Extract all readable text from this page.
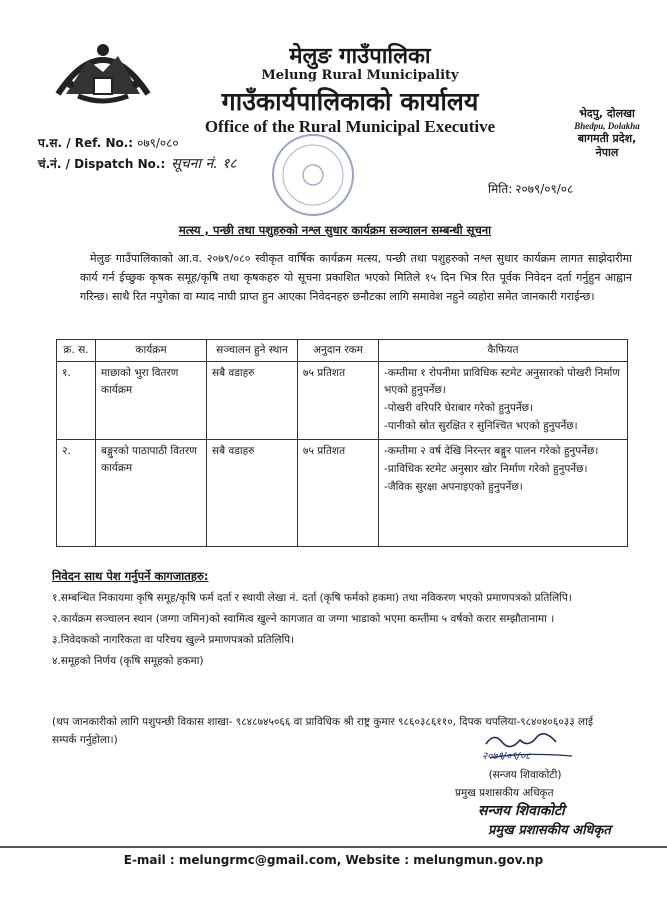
मेलुङ गाउँपालिका
Melung Rural Municipality
गाउँकार्यपालिकाको कार्यालय
Office of the Rural Municipal Executive
भेदपु, दोलखा
Bhedpu, Dolakha
बागमती प्रदेश,
नेपाल
प.स. / Ref. No.: ०७९/०८०
चं.नं. / Dispatch No.: सूचना नं. १८
मिति: २०७९/०९/०८
मत्स्य , पन्छी तथा पशुहरुको नश्ल सुधार कार्यक्रम सञ्चालन सम्बन्धी सूचना

मेलुङ गाउँपालिकाको आ.व. २०७९/०८० स्वीकृत वार्षिक कार्यक्रम मत्स्य, पन्छी तथा पशुहरुको नश्ल सुधार कार्यक्रम लागत साझेदारीमा कार्य गर्न ईच्छुक कृषक समूह/कृषि तथा कृषकहरु यो सूचना प्रकाशित भएको मितिले १५ दिन भित्र रित पूर्वक निवेदन दर्ता गर्नुहुन आह्वान गरिन्छ। साथै रित नपुगेका वा म्याद नाघी प्राप्त हुन आएका निवेदनहरु छनौटका लागि समावेश नहुने व्यहोरा समेत जानकारी गराईन्छ।

क्र. स.	कार्यक्रम	सञ्चालन हुने स्थान	अनुदान रकम	कैफियत
१.	माछाको भुरा वितरण कार्यक्रम	सबै वडाहरु	७५ प्रतिशत	-कम्तीमा १ रोपनीमा प्राविधिक स्टमेट अनुसारको पोखरी निर्माण भएको हुनुपर्नेछ।
-पोखरी वरिपरि घेराबार गरेको हुनुपर्नेछ।
-पानीको स्रोत सुरक्षित र सुनिश्चित भएको हुनुपर्नेछ।

२.	बङ्गुरको पाठापाठी वितरण कार्यक्रम	सबै वडाहरु	७५ प्रतिशत	-कम्तीमा २ वर्ष देखि निरन्तर बङ्गुर पालन गरेको हुनुपर्नेछ।
-प्राविधिक स्टमेट अनुसार खोर निर्माण गरेको हुनुपर्नेछ।
-जैविक सुरक्षा अपनाइएको हुनुपर्नेछ।
निवेदन साथ पेश गर्नुपर्ने कागजातहरु:
१.सम्बन्धित निकायमा कृषि समूह/कृषि फर्म दर्ता र स्थायी लेखा नं. दर्ता (कृषि फर्मको हकमा) तथा नविकरण भएको प्रमाणपत्रको प्रतिलिपि।
२.कार्यक्रम सञ्चालन स्थान (जग्गा जमिन)को स्वामित्व खुल्ने कागजात वा जग्गा भाडाको भएमा कम्तीमा ५ वर्षको करार सम्झौतानामा ।
३.निवेदकको नागरिकता वा परिचय खुल्ने प्रमाणपत्रको प्रतिलिपि।
४.समूहको निर्णय (कृषि समूहको हकमा)
(थप जानकारीको लागि पशुपन्छी विकास शाखा- ९८४८७४५०६६ वा प्राविधिक श्री राष्ट्र कुमार ९८६०३८६११०, दिपक थपलिया-९८४०४०६०३३ लाई सम्पर्क गर्नुहोला।)
२०७९/०९/०८
(सन्जय शिवाकोटी)
प्रमुख प्रशासकीय अधिकृत
सन्जय शिवाकोटी
प्रमुख प्रशासकीय अधिकृत
E-mail : melungrmc@gmail.com, Website : melungmun.gov.np
